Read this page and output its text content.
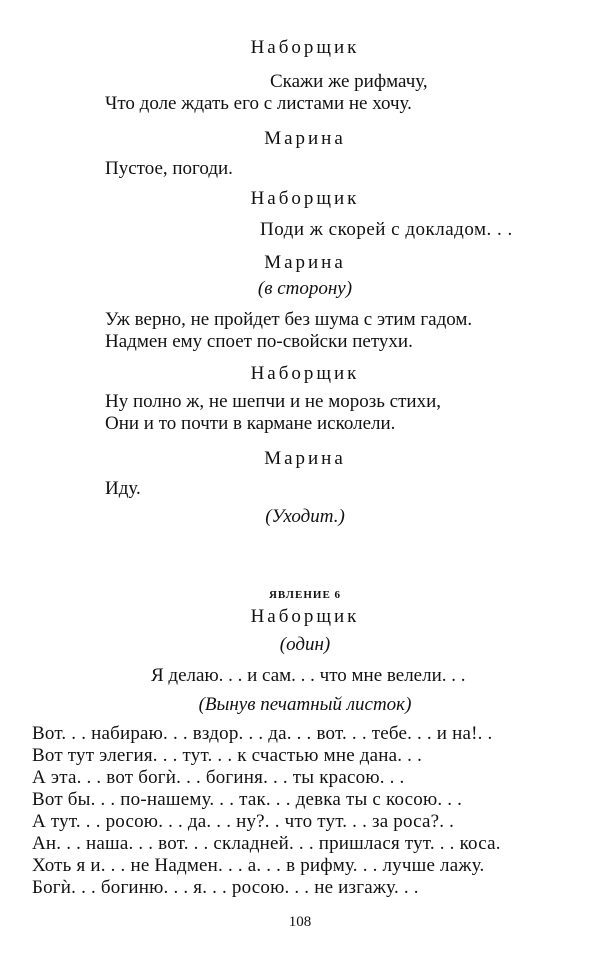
Наборщик
Скажи же рифмачу,
Что доле ждать его с листами не хочу.
Марина
Пустое, погоди.
Наборщик
Поди ж скорей с докладом. . .
Марина
(в сторону)
Уж верно, не пройдет без шума с этим гадом.
Надмен ему споет по-свойски петухи.
Наборщик
Ну полно ж, не шепчи и не морозь стихи,
Они и то почти в кармане исколели.
Марина
Иду.
(Уходит.)
ЯВЛЕНИЕ 6
Наборщик
(один)
Я делаю. . . и сам. . . что мне велели. . .
(Вынув печатный листок)
Вот. . . набираю. . . вздор. . . да. . . вот. . . тебе. . . и на!. .
Вот тут элегия. . . тут. . . к счастью мне дана. . .
А эта. . . вот богѝ. . . богиня. . . ты красою. . .
Вот бы. . . по-нашему. . . так. . . девка ты с косою. . .
А тут. . . росою. . . да. . . ну?. . что тут. . . за роса?. .
Ан. . . наша. . . вот. . . складней. . . пришлася тут. . . коса.
Хоть я и. . . не Надмен. . . а. . . в рифму. . . лучше лажу.
Богѝ. . . богиню. . . я. . . росою. . . не изгажу. . .
108
